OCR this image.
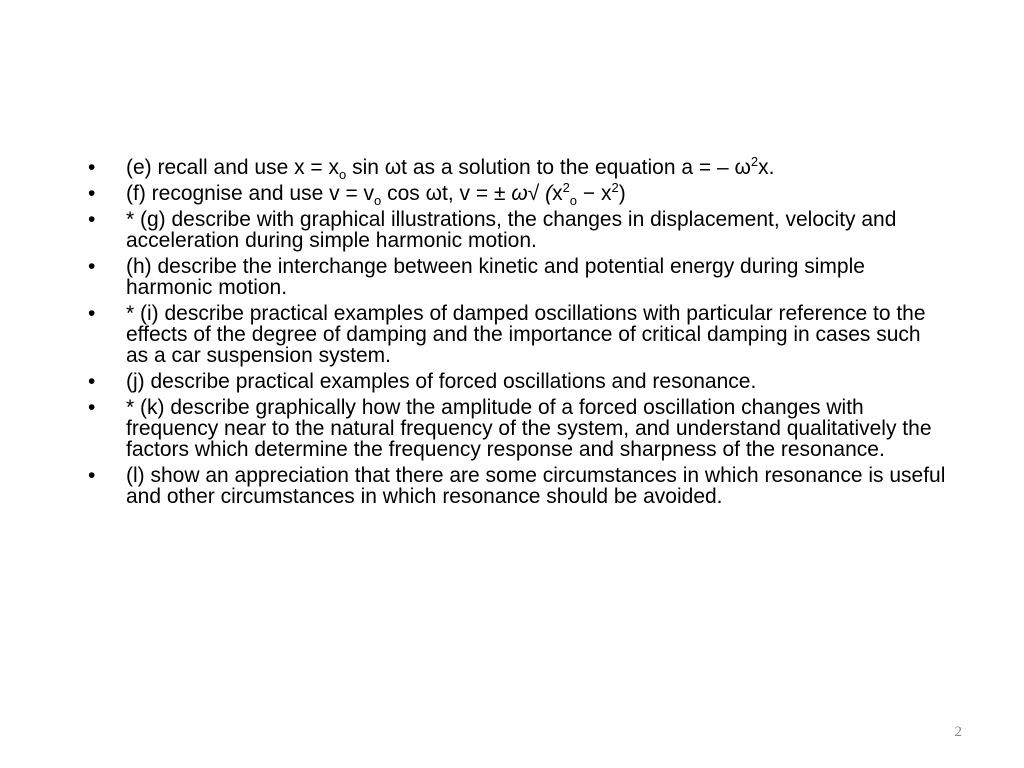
•	(e) recall and use $x = x_o$ sin ωt as a solution to the equation a = – $\omega^2x$.
•	(f) recognise and use $v = v_o$ cos ωt, v = ± ω√ $(x^2_o - x^2)$
•	* (g) describe with graphical illustrations, the changes in displacement, velocity and acceleration during simple harmonic motion.
•	(h) describe the interchange between kinetic and potential energy during simple harmonic motion.
•	* (i) describe practical examples of damped oscillations with particular reference to the effects of the degree of damping and the importance of critical damping in cases such as a car suspension system.
•	(j) describe practical examples of forced oscillations and resonance.
•	* (k) describe graphically how the amplitude of a forced oscillation changes with frequency near to the natural frequency of the system, and understand qualitatively the factors which determine the frequency response and sharpness of the resonance.
•	(l) show an appreciation that there are some circumstances in which resonance is useful and other circumstances in which resonance should be avoided.
2
